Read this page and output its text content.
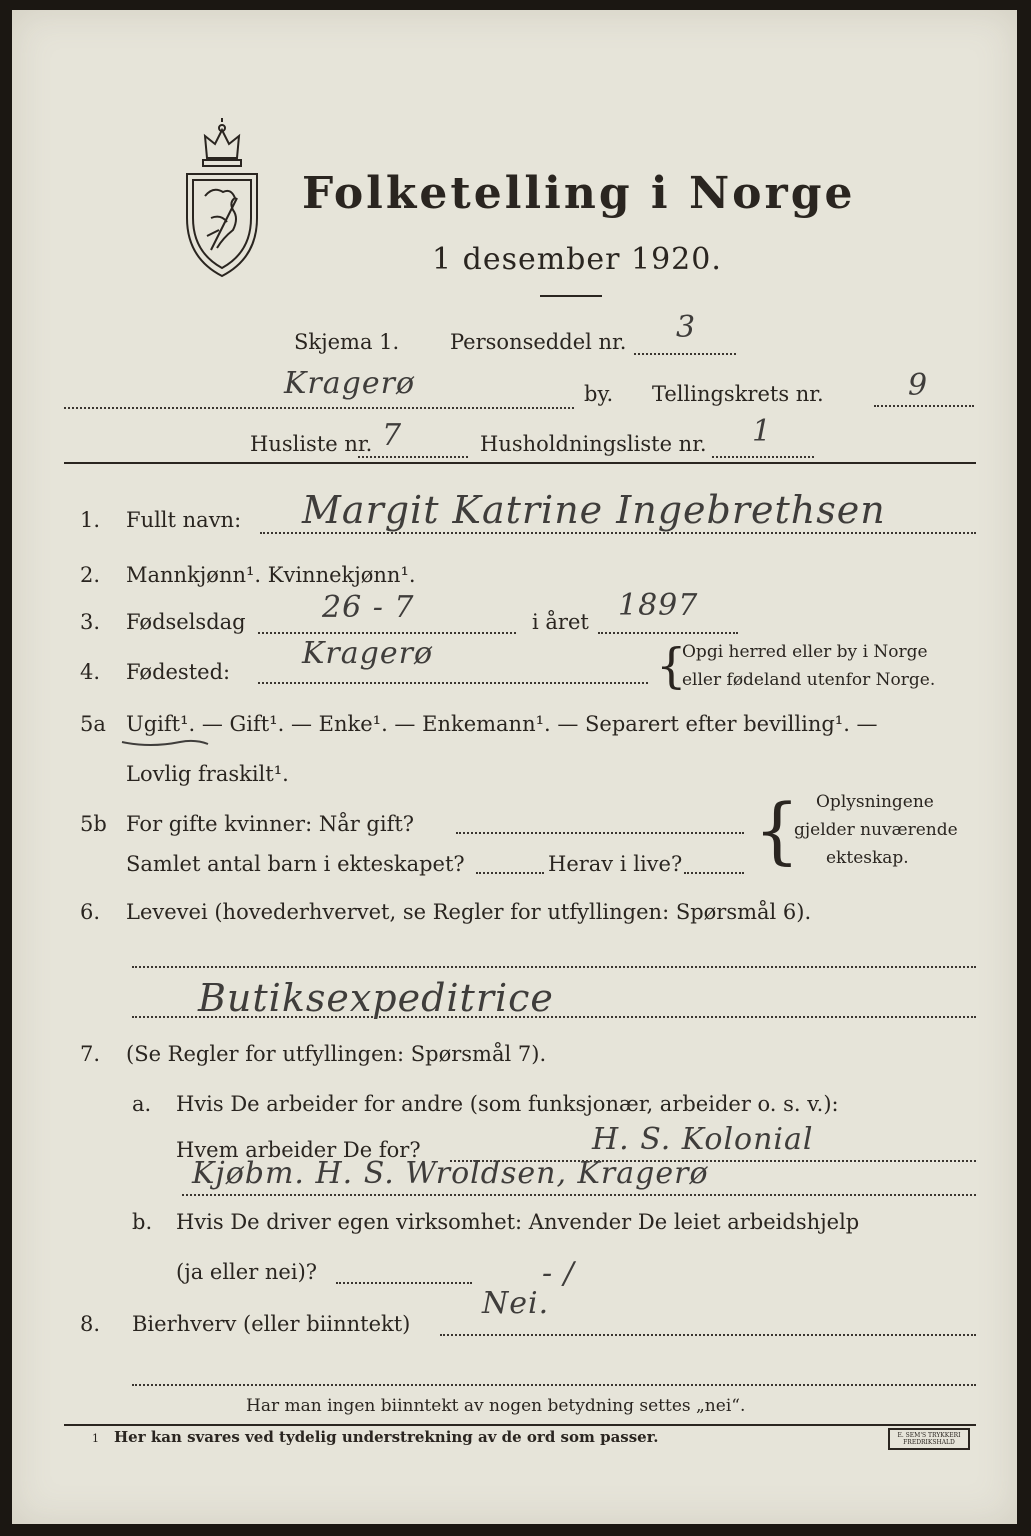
Folketelling i Norge
1 desember 1920.
Skjema 1. Personseddel nr. 3
Kragerø	by. Tellingskrets nr.	9
Husliste nr. 7	Husholdningsliste nr. 1
1. Fullt navn: Margit Katrine Ingebrethsen
2. Mannkjønn¹. Kvinnekjønn¹.
3. Fødselsdag	26 - 7	i året 1897
4. Fødested:
Kragerø	{
Opgi herred eller by i Norge
eller fødeland utenfor Norge.
5a Ugift¹. — Gift¹. — Enke¹. — Enkemann¹. — Separert efter bevilling¹. —
Lovlig fraskilt¹.
5b For gifte kvinner: Når gift?
Samlet antal barn i ekteskapet?	Herav i live? { Oplysningene
gjelder nuværende
ekteskap.
6. Levevei (hovederhvervet, se Regler for utfyllingen: Spørsmål 6).
Butiksexpeditrice
7. (Se Regler for utfyllingen: Spørsmål 7).
a. Hvis De arbeider for andre (som funksjonær, arbeider o. s. v.):
Hvem arbeider De for?	H. S. Kolonial
Kjøbm. H. S. Wroldsen, Kragerø
b. Hvis De driver egen virksomhet: Anvender De leiet arbeidshjelp
(ja eller nei)?	- /
8. Bierhverv (eller biinntekt)
Nei.
Har man ingen biinntekt av nogen betydning settes „nei“.
1 Her kan svares ved tydelig understrekning av de ord som passer.	E. SEM'S TRYKKERI FREDRIKSHALD
